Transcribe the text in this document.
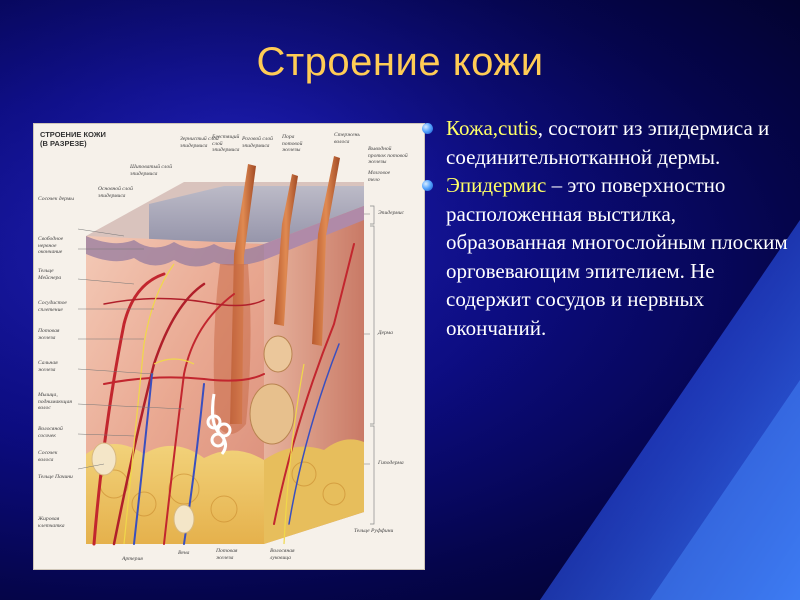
Строение кожи
СТРОЕНИЕ КОЖИ
(В РАЗРЕЗЕ)	Зернистый слой эпидермиса
Блестящий слой эпидермиса
Роговой слой эпидермиса
Пора потовой железы
Стержень волоса
Выводной проток потовой железы
Мозговое тело
Шиповатый слой эпидермиса
Основной слой эпидермиса
Сосочек дермы
Свободное нервное окончание
Тельце Мейснера
Сосудистое сплетение
Потовая железа
Сальная железа
Мышца, поднимающая волос
Волосяной сосочек
Сосочек волоса
Тельце Пачини
Жировая клетчатка
Эпидермис
Дерма
Гиподерма
Тельце Руффини
Артерия
Вена	Потовая железа
Волосяная луковица
Кожа,cutis, состоит из эпидермиса и соединительнотканной дермы.
Эпидермис – это поверхностно расположенная выстилка, образованная многослойным плоским орговевающим эпителием. Не содержит сосудов и нервных окончаний.
